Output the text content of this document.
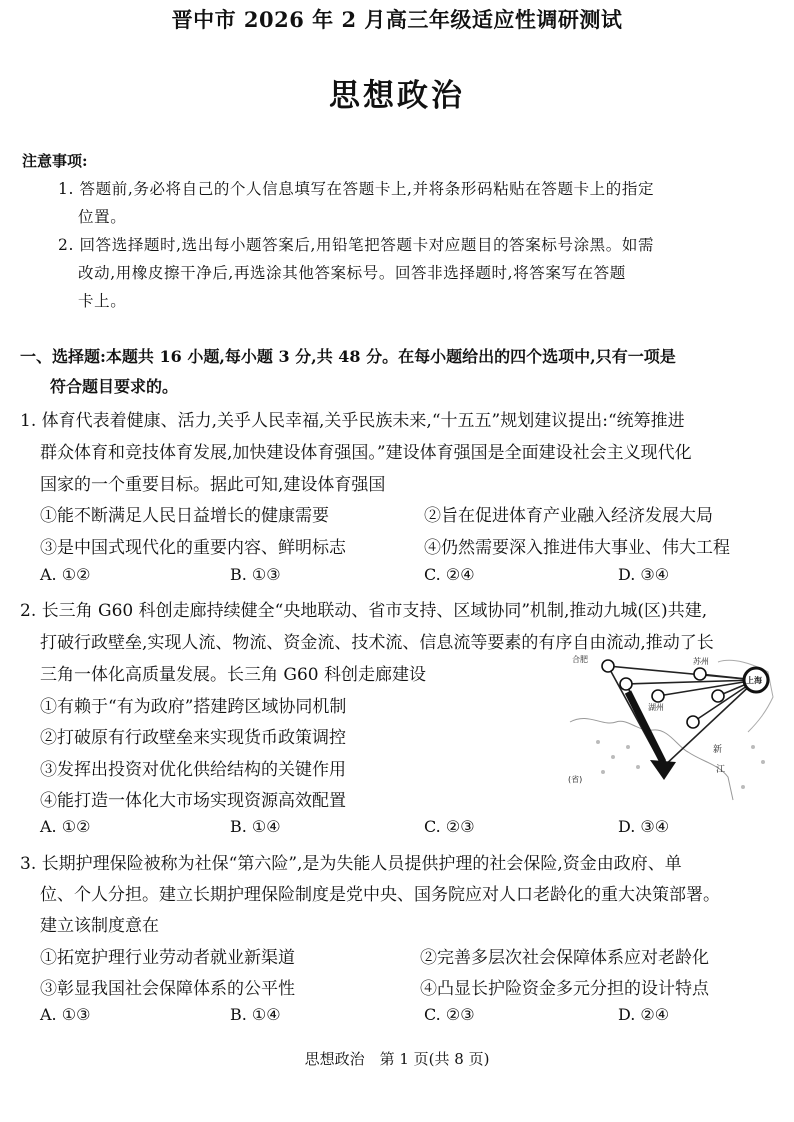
晋中市 2026 年 2 月高三年级适应性调研测试
思想政治
注意事项:
1. 答题前,务必将自己的个人信息填写在答题卡上,并将条形码粘贴在答题卡上的指定
位置。
2. 回答选择题时,选出每小题答案后,用铅笔把答题卡对应题目的答案标号涂黑。如需
改动,用橡皮擦干净后,再选涂其他答案标号。回答非选择题时,将答案写在答题
卡上。
一、选择题:本题共 16 小题,每小题 3 分,共 48 分。在每小题给出的四个选项中,只有一项是
符合题目要求的。
1. 体育代表着健康、活力,关乎人民幸福,关乎民族未来,“十五五”规划建议提出:“统筹推进
群众体育和竞技体育发展,加快建设体育强国。”建设体育强国是全面建设社会主义现代化
国家的一个重要目标。据此可知,建设体育强国
①能不断满足人民日益增长的健康需要	②旨在促进体育产业融入经济发展大局
③是中国式现代化的重要内容、鲜明标志	④仍然需要深入推进伟大事业、伟大工程
A. ①②	B. ①③	C. ②④	D. ③④
2. 长三角 G60 科创走廊持续健全“央地联动、省市支持、区域协同”机制,推动九城(区)共建,
打破行政壁垒,实现人流、物流、资金流、技术流、信息流等要素的有序自由流动,推动了长
三角一体化高质量发展。长三角 G60 科创走廊建设
①有赖于“有为政府”搭建跨区域协同机制
②打破原有行政壁垒来实现货币政策调控
③发挥出投资对优化供给结构的关键作用
④能打造一体化大市场实现资源高效配置
A. ①②	B. ①④	C. ②③	D. ③④
合肥
上海
湖州
苏州
新
江
(省)
3. 长期护理保险被称为社保“第六险”,是为失能人员提供护理的社会保险,资金由政府、单
位、个人分担。建立长期护理保险制度是党中央、国务院应对人口老龄化的重大决策部署。
建立该制度意在
①拓宽护理行业劳动者就业新渠道	②完善多层次社会保障体系应对老龄化
③彰显我国社会保障体系的公平性	④凸显长护险资金多元分担的设计特点
A. ①③	B. ①④	C. ②③	D. ②④
思想政治　第 1 页(共 8 页)
